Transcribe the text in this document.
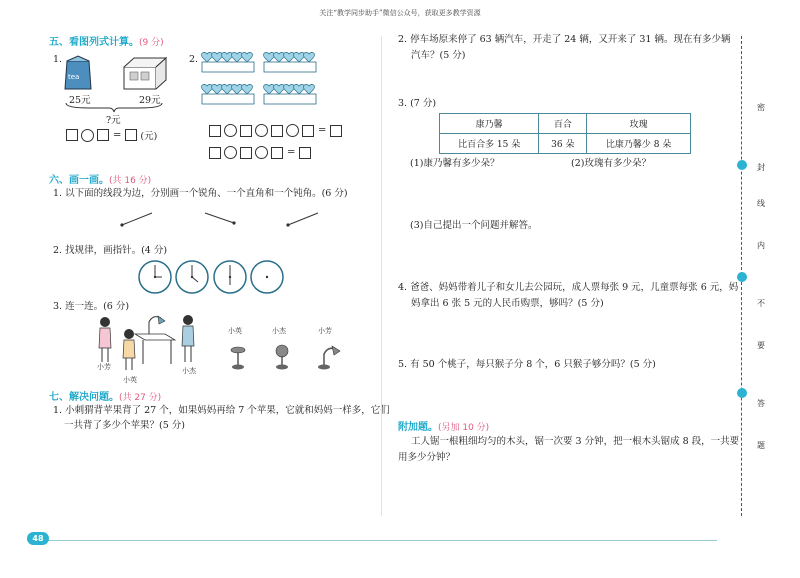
关注“教学同步助手”微信公众号，获取更多教学资源
五、看图列式计算。(9 分)
1.
tea
25元	29元
?元
= (元)
2.
=
=
六、画一画。(共 16 分)
1. 以下面的线段为边，分别画一个锐角、一个直角和一个钝角。(6 分)
2. 找规律，画指针。(4 分)
3. 连一连。(6 分)
小芳
小英
小杰
小英	小杰	小芳
七、解决问题。(共 27 分)
1. 小刺猬背苹果背了 27 个，如果妈妈再给 7 个苹果，它就和妈妈一样多，它们
一共背了多少个苹果？(5 分)
2. 停车场原来停了 63 辆汽车，开走了 24 辆，又开来了 31 辆。现在有多少辆
汽车？(5 分)
3. (7 分)
康乃馨	百合	玫瑰
比百合多 15 朵	36 朵	比康乃馨少 8 朵
(1)康乃馨有多少朵？	(2)玫瑰有多少朵？
(3)自己提出一个问题并解答。
4. 爸爸、妈妈带着儿子和女儿去公园玩，成人票每张 9 元，儿童票每张 6 元，妈
妈拿出 6 张 5 元的人民币购票，够吗？(5 分)
5. 有 50 个桃子，每只猴子分 8 个，6 只猴子够分吗？(5 分)
附加题。(另加 10 分)
工人锯一根粗细均匀的木头，锯一次要 3 分钟，把一根木头锯成 8 段，一共要
用多少分钟？
密
封
线
内
不
要
答
题
48
